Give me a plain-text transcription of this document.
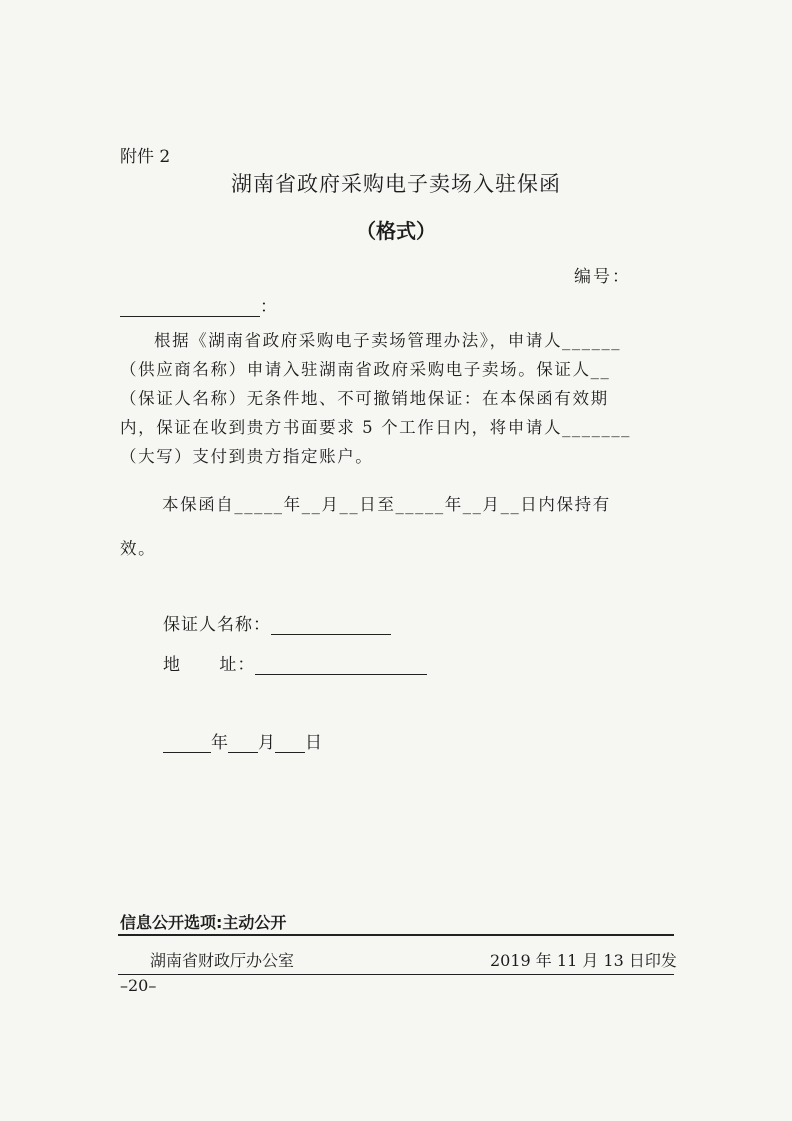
附件 2
湖南省政府采购电子卖场入驻保函
（格式）
编号：
：
根据《湖南省政府采购电子卖场管理办法》，申请人______
（供应商名称）申请入驻湖南省政府采购电子卖场。保证人__
（保证人名称）无条件地、不可撤销地保证：在本保函有效期
内，保证在收到贵方书面要求 5 个工作日内，将申请人_______
（大写）支付到贵方指定账户。
本保函自_____年__月__日至_____年__月__日内保持有
效。
保证人名称：
地      址：
年 月 日
信息公开选项:主动公开
湖南省财政厅办公室	2019 年 11 月 13 日印发
–20–
